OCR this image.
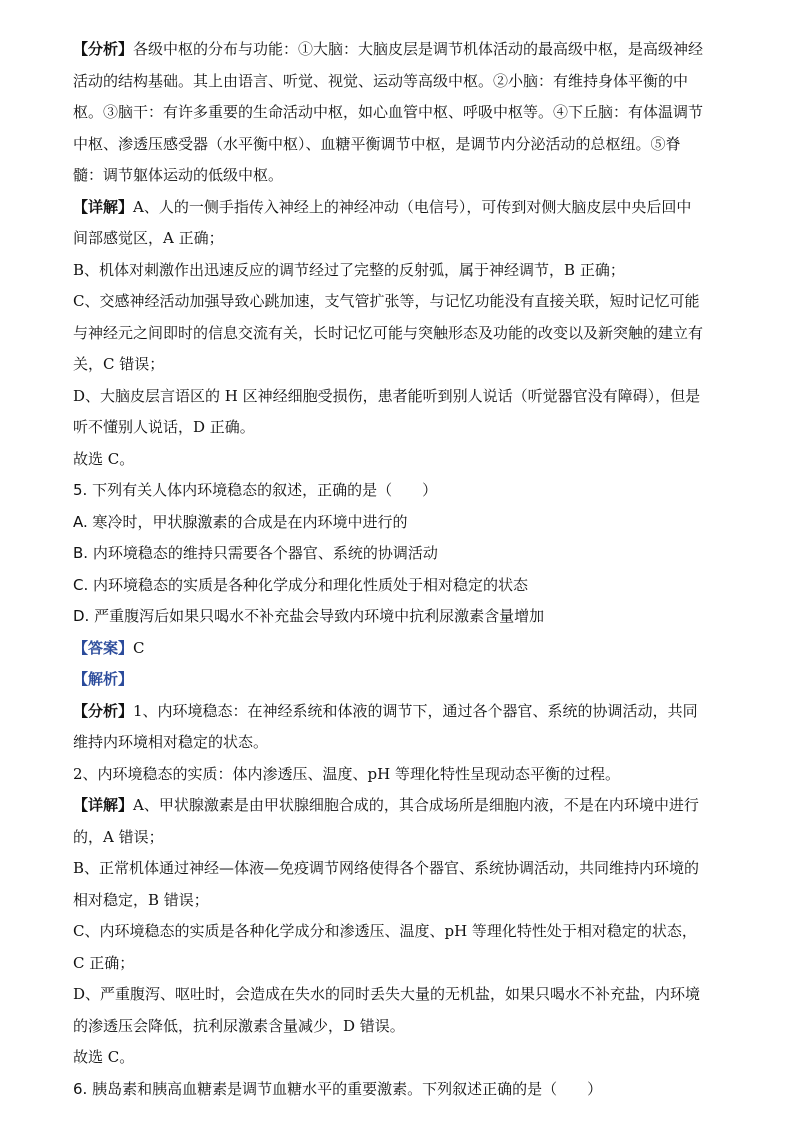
【分析】各级中枢的分布与功能：①大脑：大脑皮层是调节机体活动的最高级中枢，是高级神经活动的结构基础。其上由语言、听觉、视觉、运动等高级中枢。②小脑：有维持身体平衡的中枢。③脑干：有许多重要的生命活动中枢，如心血管中枢、呼吸中枢等。④下丘脑：有体温调节中枢、渗透压感受器（水平衡中枢）、血糖平衡调节中枢，是调节内分泌活动的总枢纽。⑤脊髓：调节躯体运动的低级中枢。
【详解】A、人的一侧手指传入神经上的神经冲动（电信号），可传到对侧大脑皮层中央后回中间部感觉区，A 正确；
B、机体对刺激作出迅速反应的调节经过了完整的反射弧，属于神经调节，B 正确；
C、交感神经活动加强导致心跳加速，支气管扩张等，与记忆功能没有直接关联，短时记忆可能与神经元之间即时的信息交流有关，长时记忆可能与突触形态及功能的改变以及新突触的建立有关，C 错误；
D、大脑皮层言语区的 H 区神经细胞受损伤，患者能听到别人说话（听觉器官没有障碍），但是听不懂别人说话，D 正确。
故选 C。
5. 下列有关人体内环境稳态的叙述，正确的是（　　）
A. 寒冷时，甲状腺激素的合成是在内环境中进行的
B. 内环境稳态的维持只需要各个器官、系统的协调活动
C. 内环境稳态的实质是各种化学成分和理化性质处于相对稳定的状态
D. 严重腹泻后如果只喝水不补充盐会导致内环境中抗利尿激素含量增加
【答案】C
【解析】
【分析】1、内环境稳态：在神经系统和体液的调节下，通过各个器官、系统的协调活动，共同维持内环境相对稳定的状态。
2、内环境稳态的实质：体内渗透压、温度、pH 等理化特性呈现动态平衡的过程。
【详解】A、甲状腺激素是由甲状腺细胞合成的，其合成场所是细胞内液，不是在内环境中进行的，A 错误；
B、正常机体通过神经—体液—免疫调节网络使得各个器官、系统协调活动，共同维持内环境的相对稳定，B 错误；
C、内环境稳态的实质是各种化学成分和渗透压、温度、pH 等理化特性处于相对稳定的状态，C 正确；
D、严重腹泻、呕吐时，会造成在失水的同时丢失大量的无机盐，如果只喝水不补充盐，内环境的渗透压会降低，抗利尿激素含量减少，D 错误。
故选 C。
6. 胰岛素和胰高血糖素是调节血糖水平的重要激素。下列叙述正确的是（　　）
